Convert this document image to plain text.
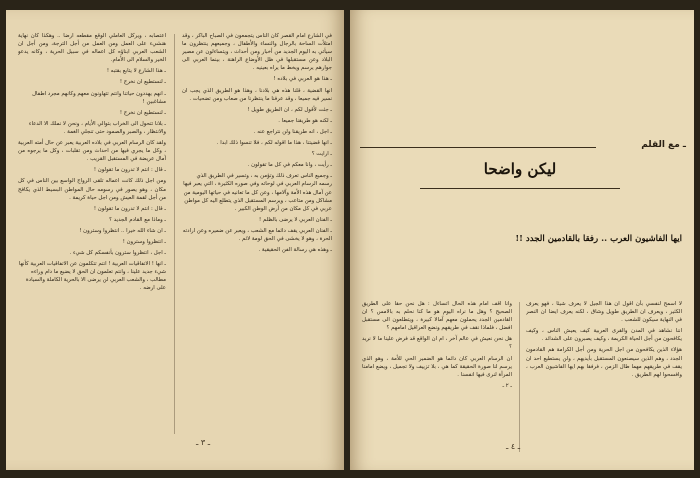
اعتصابه ، ويركل العاملي الوقع مقطعه ارضا .. وهكذا كان نهاية هنشيء على العمل ومن العمل من أجل الترجة، ومن أجل ان الشعب العربي ابناؤه كل اعماله في سبيل الحرية ، وكانه يدعو الخير والسلام الى الأمام.

ـ هذا الشارع لا يتابع بقتبه !

ـ لنستطيع ان نخرج !

ـ انهم يهددون حياتنا وانتم تتهاونون معهم وكانهم مجرد اطفال مشاغبين !

ـ لنستطيع ان نخرج !

ـ بلانا تتحول الى الخراب بتوالي الأيام ، ونحن لا نملك الا الدعاء والانتظار ، والصبر والصمود حتى تنجلي الغمة .

ولقد كان الرسام العربي في بلاده العربية يعبر عن حال أمته العربية ، وكل ما يجري فيها من احداث ومن تقلبات ، وكل ما يرجوه من آمال عريضة في المستقبل القريب .

ـ قال : انتم لا تدرون ما تقولون !

ومن اجل ذلك كانت اعماله تلقى الرواج الواسع بين الناس في كل مكان ، وهو يصور في رسومه حال المواطن البسيط الذي يكافح من أجل لقمة العيش ومن اجل حياة كريمة .

ـ قال : انتم لا تدرون ما تقولون !

ـ وماذا مع القادم الجديد ؟

ـ ان شاء الله خيرا .. انتظروا وسترون !

ـ انتظروا وسترون !

ـ اجل ، انتظروا سترون بأنفسكم كل شيء .

ـ انها ! الاتفاقيات العربية ! انتم تتكلمون عن الاتفاقيات العربية كأنها شيء جديد علينا ، وانتم تعلمون ان الحق لا يضيع ما دام وراءه مطالب ، والشعب العربي لن يرضى الا بالحرية الكاملة والسيادة على ارضه .

في الشارع امام القصر كان الناس يتجمعون في الصباح الباكر ، وقد امتلأت الساحة بالرجال والنساء والأطفال ، وجميعهم ينتظرون ما سيأتي به اليوم الجديد من أخبار ومن أحداث ، ويتساءلون عن مصير البلاد وعن مستقبلها في ظل الأوضاع الراهنة ، بينما العربي الى جوارهم يرسم ويخط ما يراه بعينيه .

ـ هذا هو العربي في بلاده !

انها القضية ، قلنا هذه هي بلادنا ، وهذا هو الطريق الذي يجب ان نسير فيه جميعا ، وقد عرفنا ما ينتظرنا من صعاب ومن تضحيات .

ـ جئت لأقول لكم ، ان الطريق طويل !

ـ لكنه هو طريقنا جميعا .

ـ اجل ، انه طريقنا ولن نتراجع عنه .

ـ انها قضيتنا ، هذا ما اقوله لكم ، فلا تنسوا ذلك ابدا .

ـ ارايت ؟

ـ رأيت ، وانا معكم في كل ما تقولون .

ـ وجميع الناس تعرف ذلك وتؤمن به ، وتسير في الطريق الذي رسمه الرسام العربي في لوحاته وفي صوره الكثيرة ، التي يعبر فيها عن آمال هذه الأمة وآلامها ، وعن كل ما تعانيه في حياتها اليومية من مشاكل ومن متاعب ، ويرسم المستقبل الذي يتطلع اليه كل مواطن عربي في كل مكان من أرض الوطن الكبير .

ـ الفنان العربي لا يرضى بالظلم !

ـ الفنان العربي يقف دائما مع الشعب ، ويعبر عن ضميره وعن ارادته الحرة ، وهو لا يخشى في الحق لومة لائم .

ـ وهذه هي رسالة الفن الحقيقية .

ـ ٣ ـ
ـ مع القلم
ليكن واضحا
ايها الفاشيون العرب .. رفقا بالقادمين الجدد !!

وانا اقف امام هذه الحال اتساءل : هل نحن حقا على الطريق الصحيح ؟ وهل ما نراه اليوم هو ما كنا نحلم به بالامس ؟ ان القادمين الجدد يحملون معهم آمالا كبيرة ، ويتطلعون الى مستقبل افضل ، فلماذا نقف في طريقهم ونضع العراقيل امامهم ؟

هل نحن نعيش في عالم آخر ، ام ان الواقع قد فرض علينا ما لا نريد ؟

ان الرسام العربي كان دائما هو الضمير الحي للأمة ، وهو الذي يرسم لنا صورة الحقيقة كما هي ، بلا تزييف ولا تجميل ، ويضع امامنا المرآة لنرى فيها انفسنا .

ـ ٢ ـ

لا اسمح لنفسي بأن اقول ان هذا الجيل لا يعرف شيئا ، فهو يعرف الكثير ، ويعرف ان الطريق طويل وشاق ، لكنه يعرف ايضا ان النصر في النهاية سيكون للشعب .

اننا نشاهد في المدن والقرى العربية كيف يعيش الناس ، وكيف يكافحون من أجل الحياة الكريمة ، وكيف يصبرون على الشدائد .

هؤلاء الذين يكافحون من اجل الحرية ومن أجل الكرامة هم القادمون الجدد ، وهم الذين سيصنعون المستقبل بأيديهم ، ولن يستطيع احد ان يقف في طريقهم مهما طال الزمن ، فرفقا بهم ايها الفاشيون العرب ، وافسحوا لهم الطريق .

ـ ٤ ـ
